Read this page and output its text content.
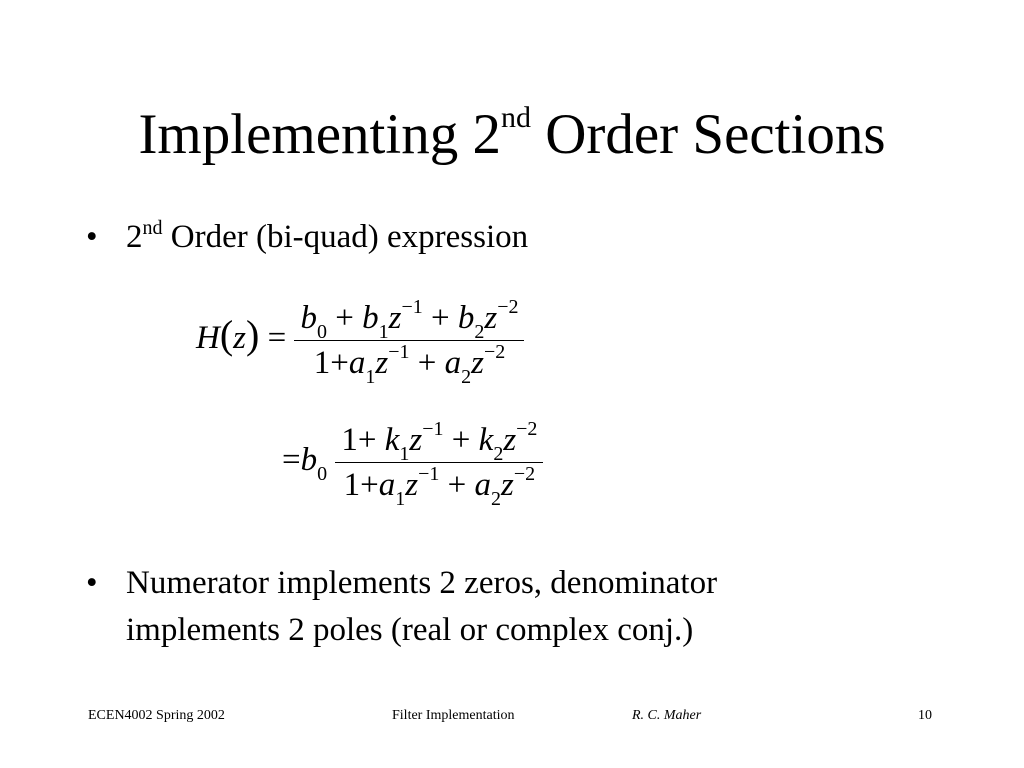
Implementing 2nd Order Sections
• 2nd Order (bi-quad) expression
$H(z) = \frac{b_0 + b_1z^{-1} + b_2z^{-2}}{1+a_1z^{-1} + a_2z^{-2}}$
$=b_0 \frac{1+ k_1z^{-1} + k_2z^{-2}}{1+a_1z^{-1} + a_2z^{-2}}$
• Numerator implements 2 zeros, denominator
implements 2 poles (real or complex conj.)
ECEN4002 Spring 2002	Filter Implementation	R. C. Maher	10
